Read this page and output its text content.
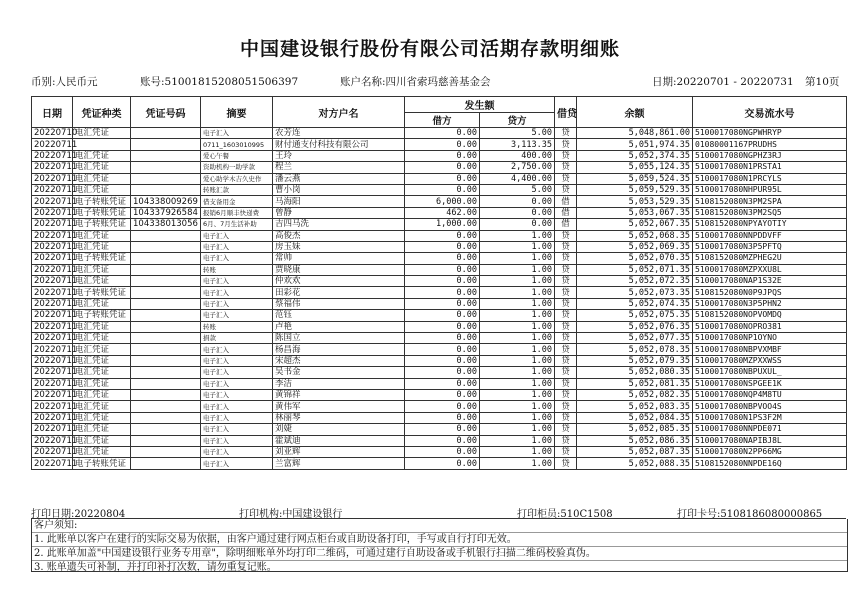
中国建设银行股份有限公司活期存款明细账
币别:人民币元	账号:51001815208051506397	账户名称:四川省索玛慈善基金会	日期:20220701 - 20220731 第10页
日期	凭证种类	凭证号码	摘要	对方户名	发生额		借贷	余额	交易流水号
					借方	贷方			
20220710	电汇凭证		电子汇入	农芳连	0.00	5.00	贷	5,048,861.00	5100017080NGPWHRYP
20220711			0711_1603010995	财付通支付科技有限公司	0.00	3,113.35	贷	5,051,974.35	01080001167PRUDHS
20220711	电汇凭证		爱心午餐	王玲	0.00	400.00	贷	5,052,374.35	5100017080NGPHZ3RJ
20220711	电汇凭证		资助机构一助学款	程兰	0.00	2,750.00	贷	5,055,124.35	5100017080N1PRSTA1
20220711	电汇凭证		爱心助学木吉久史作	潘云燕	0.00	4,400.00	贷	5,059,524.35	5100017080N1PRCYLS
20220711	电汇凭证		转账汇款	曹小岗	0.00	5.00	贷	5,059,529.35	5100017080NHPUR95L
20220711	电子转账凭证	104338009269	借支备用金	马海阳	6,000.00	0.00	借	5,053,529.35	5108152080N3PM2SPA
20220711	电子转账凭证	104337926584	报销6月顺丰快递费	曾静	462.00	0.00	借	5,053,067.35	5108152080N3PM2SQ5
20220711	电子转账凭证	104338013056	6月、7月生活补助	吉四马洗	1,000.00	0.00	借	5,052,067.35	5108152080NPYAYOTIY
20220711	电汇凭证		电子汇入	高俊杰	0.00	1.00	贷	5,052,068.35	5100017080NNPDDVFF
20220711	电汇凭证		电子汇入	房玉妹	0.00	1.00	贷	5,052,069.35	5100017080N3P5PFTQ
20220711	电子转账凭证		电子汇入	常帅	0.00	1.00	贷	5,052,070.35	5108152080MZPHEG2U
20220711	电汇凭证		转账	贾晓康	0.00	1.00	贷	5,052,071.35	5100017080MZPXXU8L
20220711	电汇凭证		电子汇入	仲欢欢	0.00	1.00	贷	5,052,072.35	5100017080NAP1S32E
20220711	电子转账凭证		电子汇入	田彩花	0.00	1.00	贷	5,052,073.35	5108152080N0P9JPQS
20220711	电汇凭证		电子汇入	蔡福伟	0.00	1.00	贷	5,052,074.35	5100017080N3P5PHN2
20220711	电子转账凭证		电子汇入	范钰	0.00	1.00	贷	5,052,075.35	5108152080NOPVOMDQ
20220711	电汇凭证		转账	卢艳	0.00	1.00	贷	5,052,076.35	5100017080NOPRO381
20220711	电汇凭证		捐款	陈国立	0.00	1.00	贷	5,052,077.35	5100017080NP1OYNO
20220711	电汇凭证		电子汇入	杨昌海	0.00	1.00	贷	5,052,078.35	5100017080NBPVXMBF
20220711	电汇凭证		电子汇入	宋超杰	0.00	1.00	贷	5,052,079.35	5100017080MZPXXWSS
20220711	电汇凭证		电子汇入	吴书金	0.00	1.00	贷	5,052,080.35	5100017080NBPUXUL_
20220711	电汇凭证		电子汇入	李洁	0.00	1.00	贷	5,052,081.35	5100017080NSPGEE1K
20220711	电汇凭证		电子汇入	黄锦祥	0.00	1.00	贷	5,052,082.35	5100017080NQP4M8TU
20220711	电汇凭证		电子汇入	黄伟军	0.00	1.00	贷	5,052,083.35	5100017080NBPVOO4S
20220711	电汇凭证		电子汇入	林丽琴	0.00	1.00	贷	5,052,084.35	5100017080N1PS3F2M
20220711	电汇凭证		电子汇入	刘婕	0.00	1.00	贷	5,052,085.35	5100017080NNPDE071
20220711	电汇凭证		电子汇入	霍斌迪	0.00	1.00	贷	5,052,086.35	5100017080NAPIBJ8L
20220711	电汇凭证		电子汇入	刘亚辉	0.00	1.00	贷	5,052,087.35	5100017080N2PP66MG
20220711	电子转账凭证		电子汇入	兰富辉	0.00	1.00	贷	5,052,088.35	5108152080NNPDE16Q
打印日期:20220804	打印机构:中国建设银行	打印柜员:510C1508	打印卡号:5108186080000865
客户须知:
1. 此账单以客户在建行的实际交易为依据，由客户通过建行网点柜台或自助设备打印，手写或自行打印无效。
2. 此账单加盖"中国建设银行业务专用章"，除明细账单外均打印二维码，可通过建行自助设备或手机银行扫描二维码校验真伪。
3. 账单遗失可补制，并打印补打次数，请勿重复记账。
